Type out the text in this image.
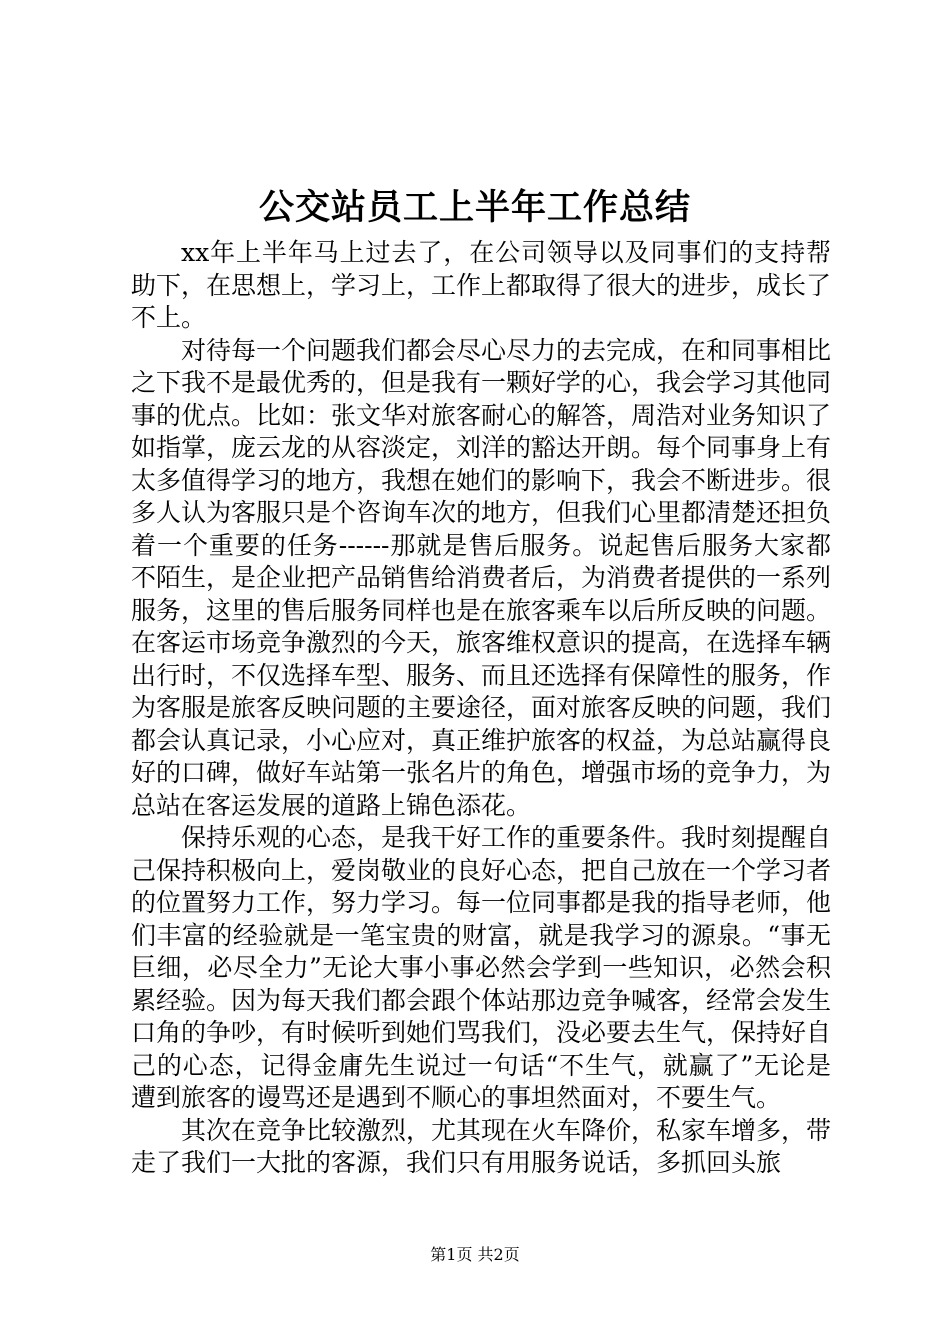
公交站员工上半年工作总结

xx年上半年马上过去了，在公司领导以及同事们的支持帮助下，在思想上，学习上，工作上都取得了很大的进步，成长了不上。

对待每一个问题我们都会尽心尽力的去完成，在和同事相比之下我不是最优秀的，但是我有一颗好学的心，我会学习其他同事的优点。比如：张文华对旅客耐心的解答，周浩对业务知识了如指掌，庞云龙的从容淡定，刘洋的豁达开朗。每个同事身上有太多值得学习的地方，我想在她们的影响下，我会不断进步。很多人认为客服只是个咨询车次的地方，但我们心里都清楚还担负着一个重要的任务------那就是售后服务。说起售后服务大家都不陌生，是企业把产品销售给消费者后，为消费者提供的一系列服务，这里的售后服务同样也是在旅客乘车以后所反映的问题。在客运市场竞争激烈的今天，旅客维权意识的提高，在选择车辆出行时，不仅选择车型、服务、而且还选择有保障性的服务，作为客服是旅客反映问题的主要途径，面对旅客反映的问题，我们都会认真记录，小心应对，真正维护旅客的权益，为总站赢得良好的口碑，做好车站第一张名片的角色，增强市场的竞争力，为总站在客运发展的道路上锦色添花。

保持乐观的心态，是我干好工作的重要条件。我时刻提醒自己保持积极向上，爱岗敬业的良好心态，把自己放在一个学习者的位置努力工作，努力学习。每一位同事都是我的指导老师，他们丰富的经验就是一笔宝贵的财富，就是我学习的源泉。“事无巨细，必尽全力”无论大事小事必然会学到一些知识，必然会积累经验。因为每天我们都会跟个体站那边竞争喊客，经常会发生口角的争吵，有时候听到她们骂我们，没必要去生气，保持好自己的心态，记得金庸先生说过一句话“不生气，就赢了”无论是遭到旅客的谩骂还是遇到不顺心的事坦然面对，不要生气。

其次在竞争比较激烈，尤其现在火车降价，私家车增多，带走了我们一大批的客源，我们只有用服务说话，多抓回头旅

第1页 共2页
